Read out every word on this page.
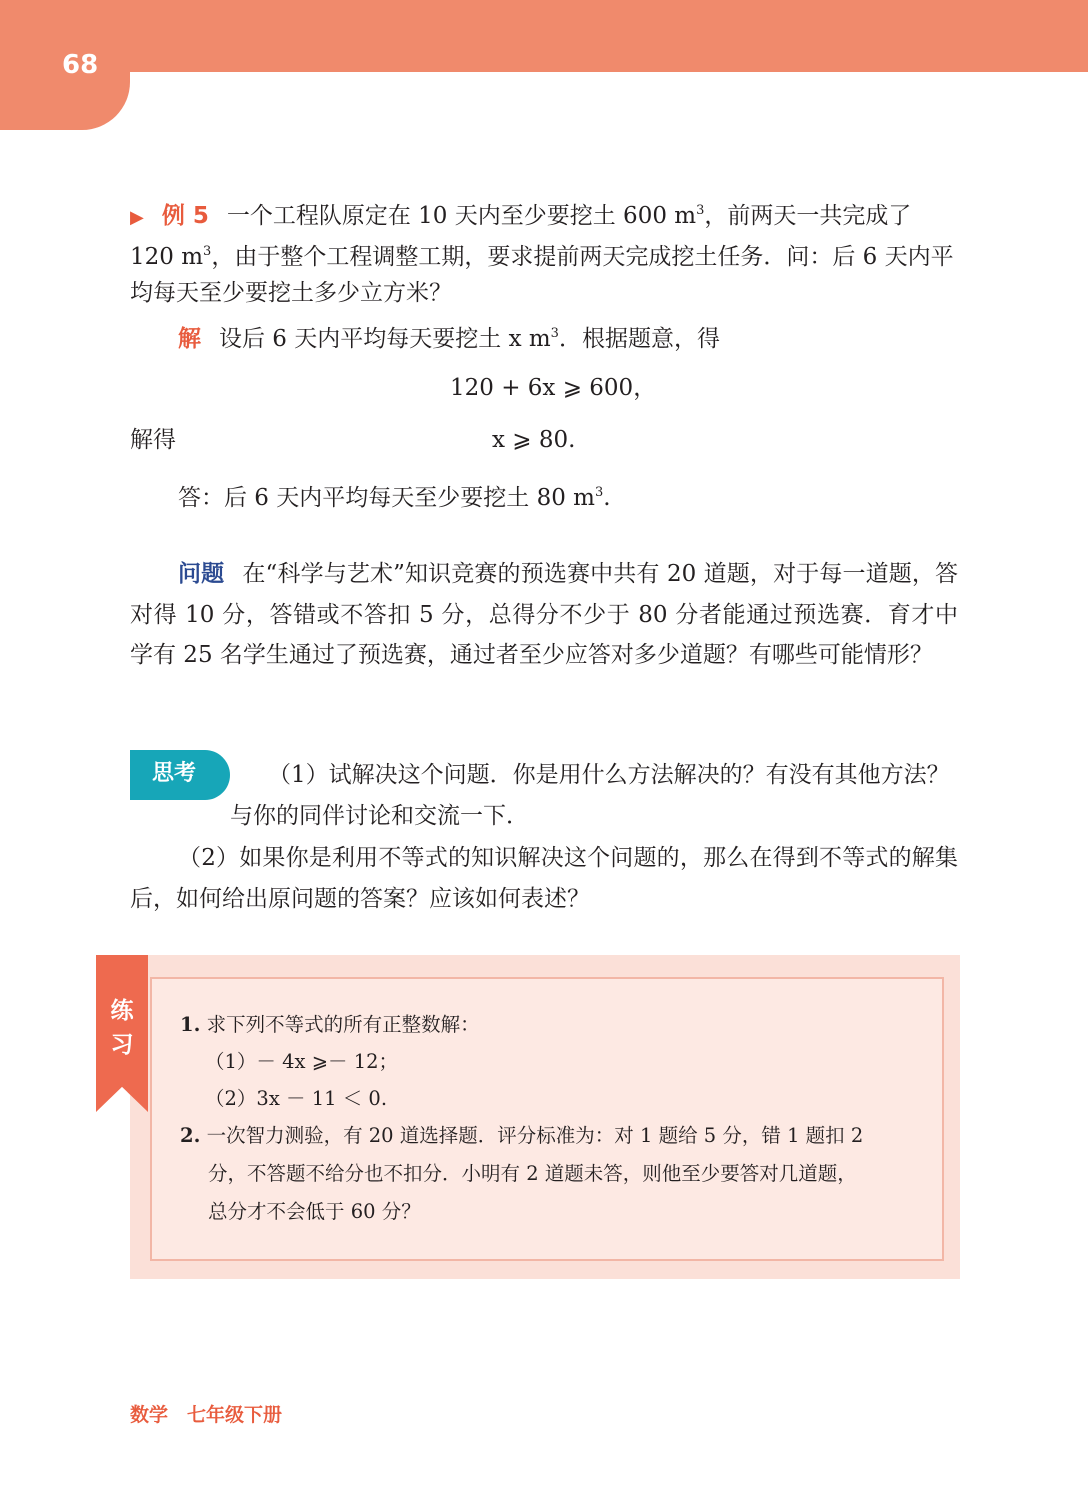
68
▶ 例 5 一个工程队原定在 10 天内至少要挖土 600 $m^3$，前两天一共完成了
120 $m^3$，由于整个工程调整工期，要求提前两天完成挖土任务．问：后 6 天内平
均每天至少要挖土多少立方米？
解 设后 6 天内平均每天要挖土 x $m^3$．根据题意，得
120 + 6x ⩾ 600，
解得	x ⩾ 80.
答：后 6 天内平均每天至少要挖土 80 $m^3$.
问题 在“科学与艺术”知识竞赛的预选赛中共有 20 道题，对于每一道题，答对得 10 分，答错或不答扣 5 分，总得分不少于 80 分者能通过预选赛．育才中学有 25 名学生通过了预选赛，通过者至少应答对多少道题？有哪些可能情形？
思考	（1）试解决这个问题．你是用什么方法解决的？有没有其他方法？
与你的同伴讨论和交流一下．
（2）如果你是利用不等式的知识解决这个问题的，那么在得到不等式的解集后，如何给出原问题的答案？应该如何表述？
练
习
1. 求下列不等式的所有正整数解：
（1）－ 4x ⩾－ 12；
（2）3x － 11 ＜ 0.
2. 一次智力测验，有 20 道选择题．评分标准为：对 1 题给 5 分，错 1 题扣 2
分，不答题不给分也不扣分．小明有 2 道题未答，则他至少要答对几道题，
总分才不会低于 60 分？
数学　七年级下册
